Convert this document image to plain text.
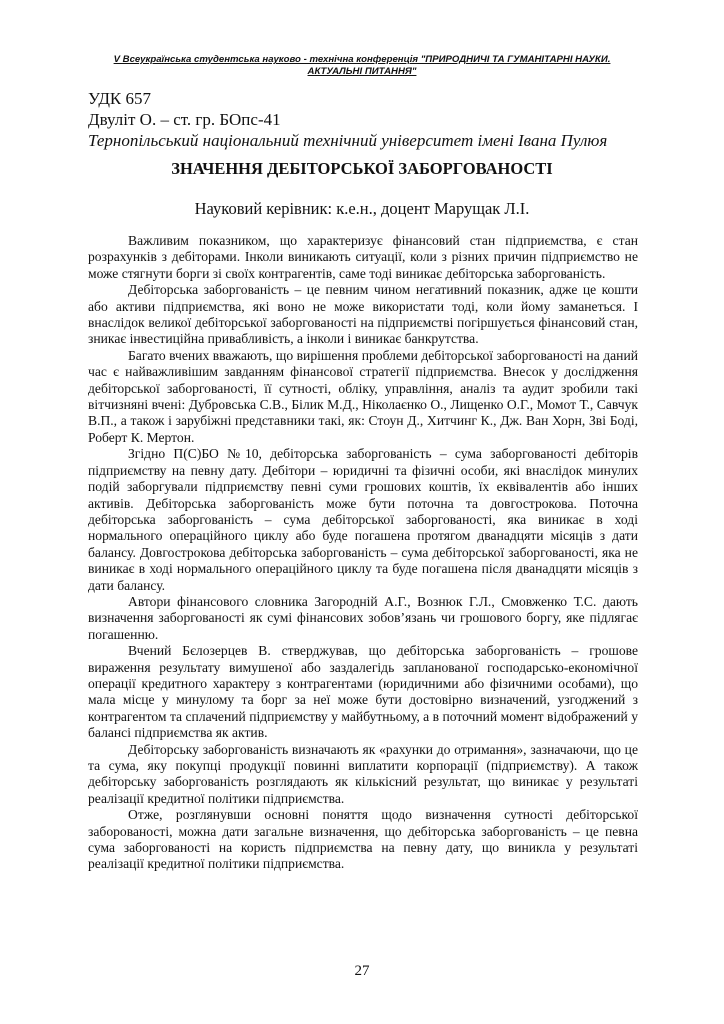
V Всеукраїнська студентська науково - технічна конференція "ПРИРОДНИЧІ ТА ГУМАНІТАРНІ НАУКИ.
АКТУАЛЬНІ ПИТАННЯ"
УДК 657
Двуліт О. – ст. гр. БОпс-41
Тернопільський національний технічний університет імені Івана Пулюя
ЗНАЧЕННЯ ДЕБІТОРСЬКОЇ ЗАБОРГОВАНОСТІ
Науковий керівник: к.е.н., доцент Марущак Л.І.

Важливим показником, що характеризує фінансовий стан підприємства, є стан розрахунків з дебіторами. Інколи виникають ситуації, коли з різних причин підприємство не може стягнути борги зі своїх контрагентів, саме тоді виникає дебіторська заборгованість.

Дебіторська заборгованість – це певним чином негативний показник, адже це кошти або активи підприємства, які воно не може використати тоді, коли йому заманеться. І внаслідок великої дебіторської заборгованості на підприємстві погіршується фінансовий стан, зникає інвестиційна привабливість, а інколи і виникає банкрутства.

Багато вчених вважають, що вирішення проблеми дебіторської заборгованості на даний час є найважливішим завданням фінансової стратегії підприємства. Внесок у дослідження дебіторської заборгованості, її сутності, обліку, управління, аналіз та аудит зробили такі вітчизняні вчені: Дубровська С.В., Білик М.Д., Ніколаєнко О., Лищенко О.Г., Момот Т., Савчук В.П., а також і зарубіжні представники такі, як: Стоун Д., Хитчинг К., Дж. Ван Хорн, Зві Боді, Роберт К. Мертон.

Згідно П(С)БО №10, дебіторська заборгованість – сума заборгованості дебіторів підприємству на певну дату. Дебітори – юридичні та фізичні особи, які внаслідок минулих подій заборгували підприємству певні суми грошових коштів, їх еквівалентів або інших активів. Дебіторська заборгованість може бути поточна та довгострокова. Поточна дебіторська заборгованість – сума дебіторської заборгованості, яка виникає в ході нормального операційного циклу або буде погашена протягом дванадцяти місяців з дати балансу. Довгострокова дебіторська заборгованість – сума дебіторської заборгованості, яка не виникає в ході нормального операційного циклу та буде погашена після дванадцяти місяців з дати балансу.

Автори фінансового словника Загородній А.Г., Вознюк Г.Л., Смовженко Т.С. дають визначення заборгованості як сумі фінансових зобов’язань чи грошового боргу, яке підлягає погашенню.

Вчений Бєлозерцев В. стверджував, що дебіторська заборгованість – грошове вираження результату вимушеної або заздалегідь запланованої господарсько-економічної операції кредитного характеру з контрагентами (юридичними або фізичними особами), що мала місце у минулому та борг за неї може бути достовірно визначений, узгоджений з контрагентом та сплачений підприємству у майбутньому, а в поточний момент відображений у балансі підприємства як актив.

Дебіторську заборгованість визначають як «рахунки до отримання», зазначаючи, що це та сума, яку покупці продукції повинні виплатити корпорації (підприємству). А також дебіторську заборгованість розглядають як кількісний результат, що виникає у результаті реалізації кредитної політики підприємства.

Отже, розглянувши основні поняття щодо визначення сутності дебіторської заборованості, можна дати загальне визначення, що дебіторська заборгованість – це певна сума заборгованості на користь підприємства на певну дату, що виникла у результаті реалізації кредитної політики підприємства.

27
